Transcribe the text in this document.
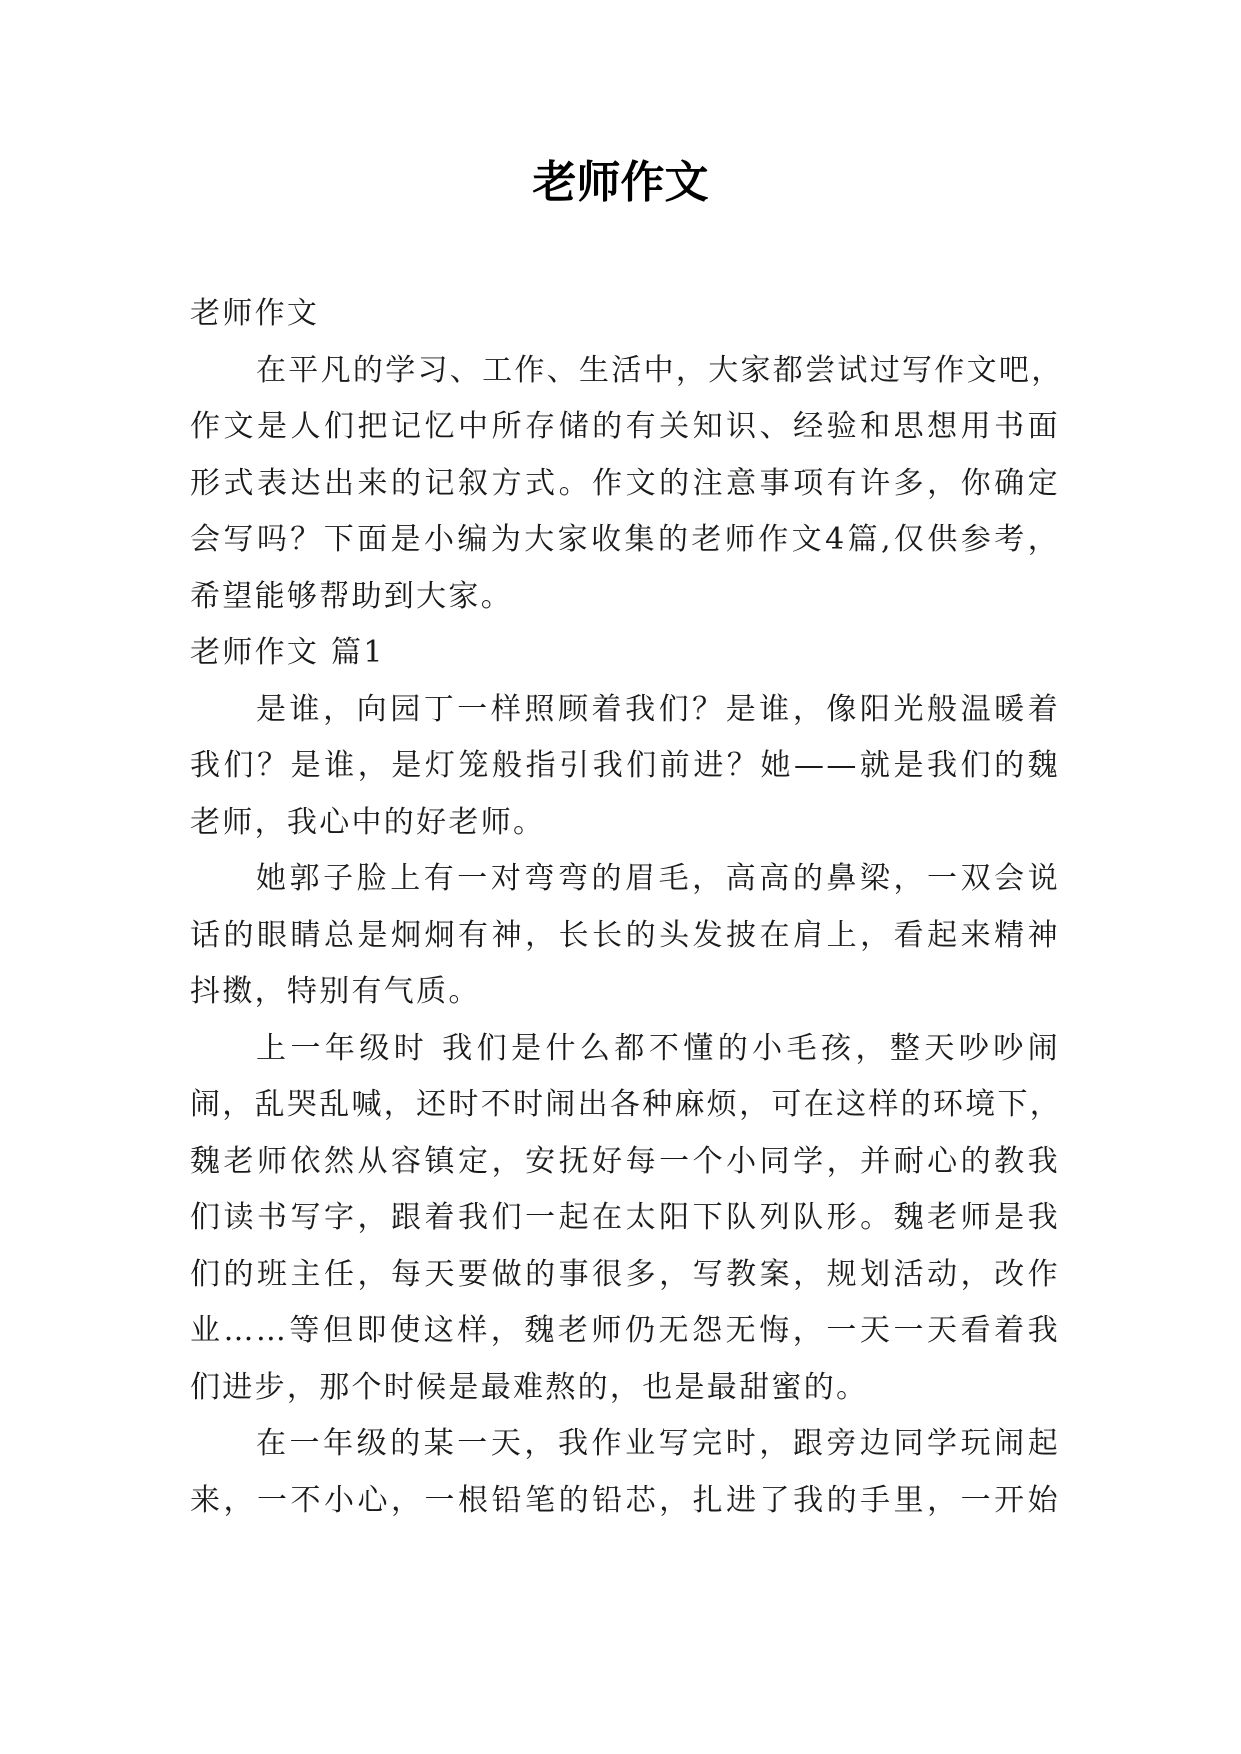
老师作文
老师作文
在平凡的学习、工作、生活中，大家都尝试过写作文吧，
作文是人们把记忆中所存储的有关知识、经验和思想用书面
形式表达出来的记叙方式。作文的注意事项有许多，你确定
会写吗？下面是小编为大家收集的老师作文4篇,仅供参考，
希望能够帮助到大家。
老师作文 篇1
是谁，向园丁一样照顾着我们？是谁，像阳光般温暖着
我们？是谁，是灯笼般指引我们前进？她——就是我们的魏
老师，我心中的好老师。
她郭子脸上有一对弯弯的眉毛，高高的鼻梁，一双会说
话的眼睛总是炯炯有神，长长的头发披在肩上，看起来精神
抖擞，特别有气质。
上一年级时 我们是什么都不懂的小毛孩，整天吵吵闹
闹，乱哭乱喊，还时不时闹出各种麻烦，可在这样的环境下，
魏老师依然从容镇定，安抚好每一个小同学，并耐心的教我
们读书写字，跟着我们一起在太阳下队列队形。魏老师是我
们的班主任，每天要做的事很多，写教案，规划活动，改作
业……等但即使这样，魏老师仍无怨无悔，一天一天看着我
们进步，那个时候是最难熬的，也是最甜蜜的。
在一年级的某一天，我作业写完时，跟旁边同学玩闹起
来，一不小心，一根铅笔的铅芯，扎进了我的手里，一开始
